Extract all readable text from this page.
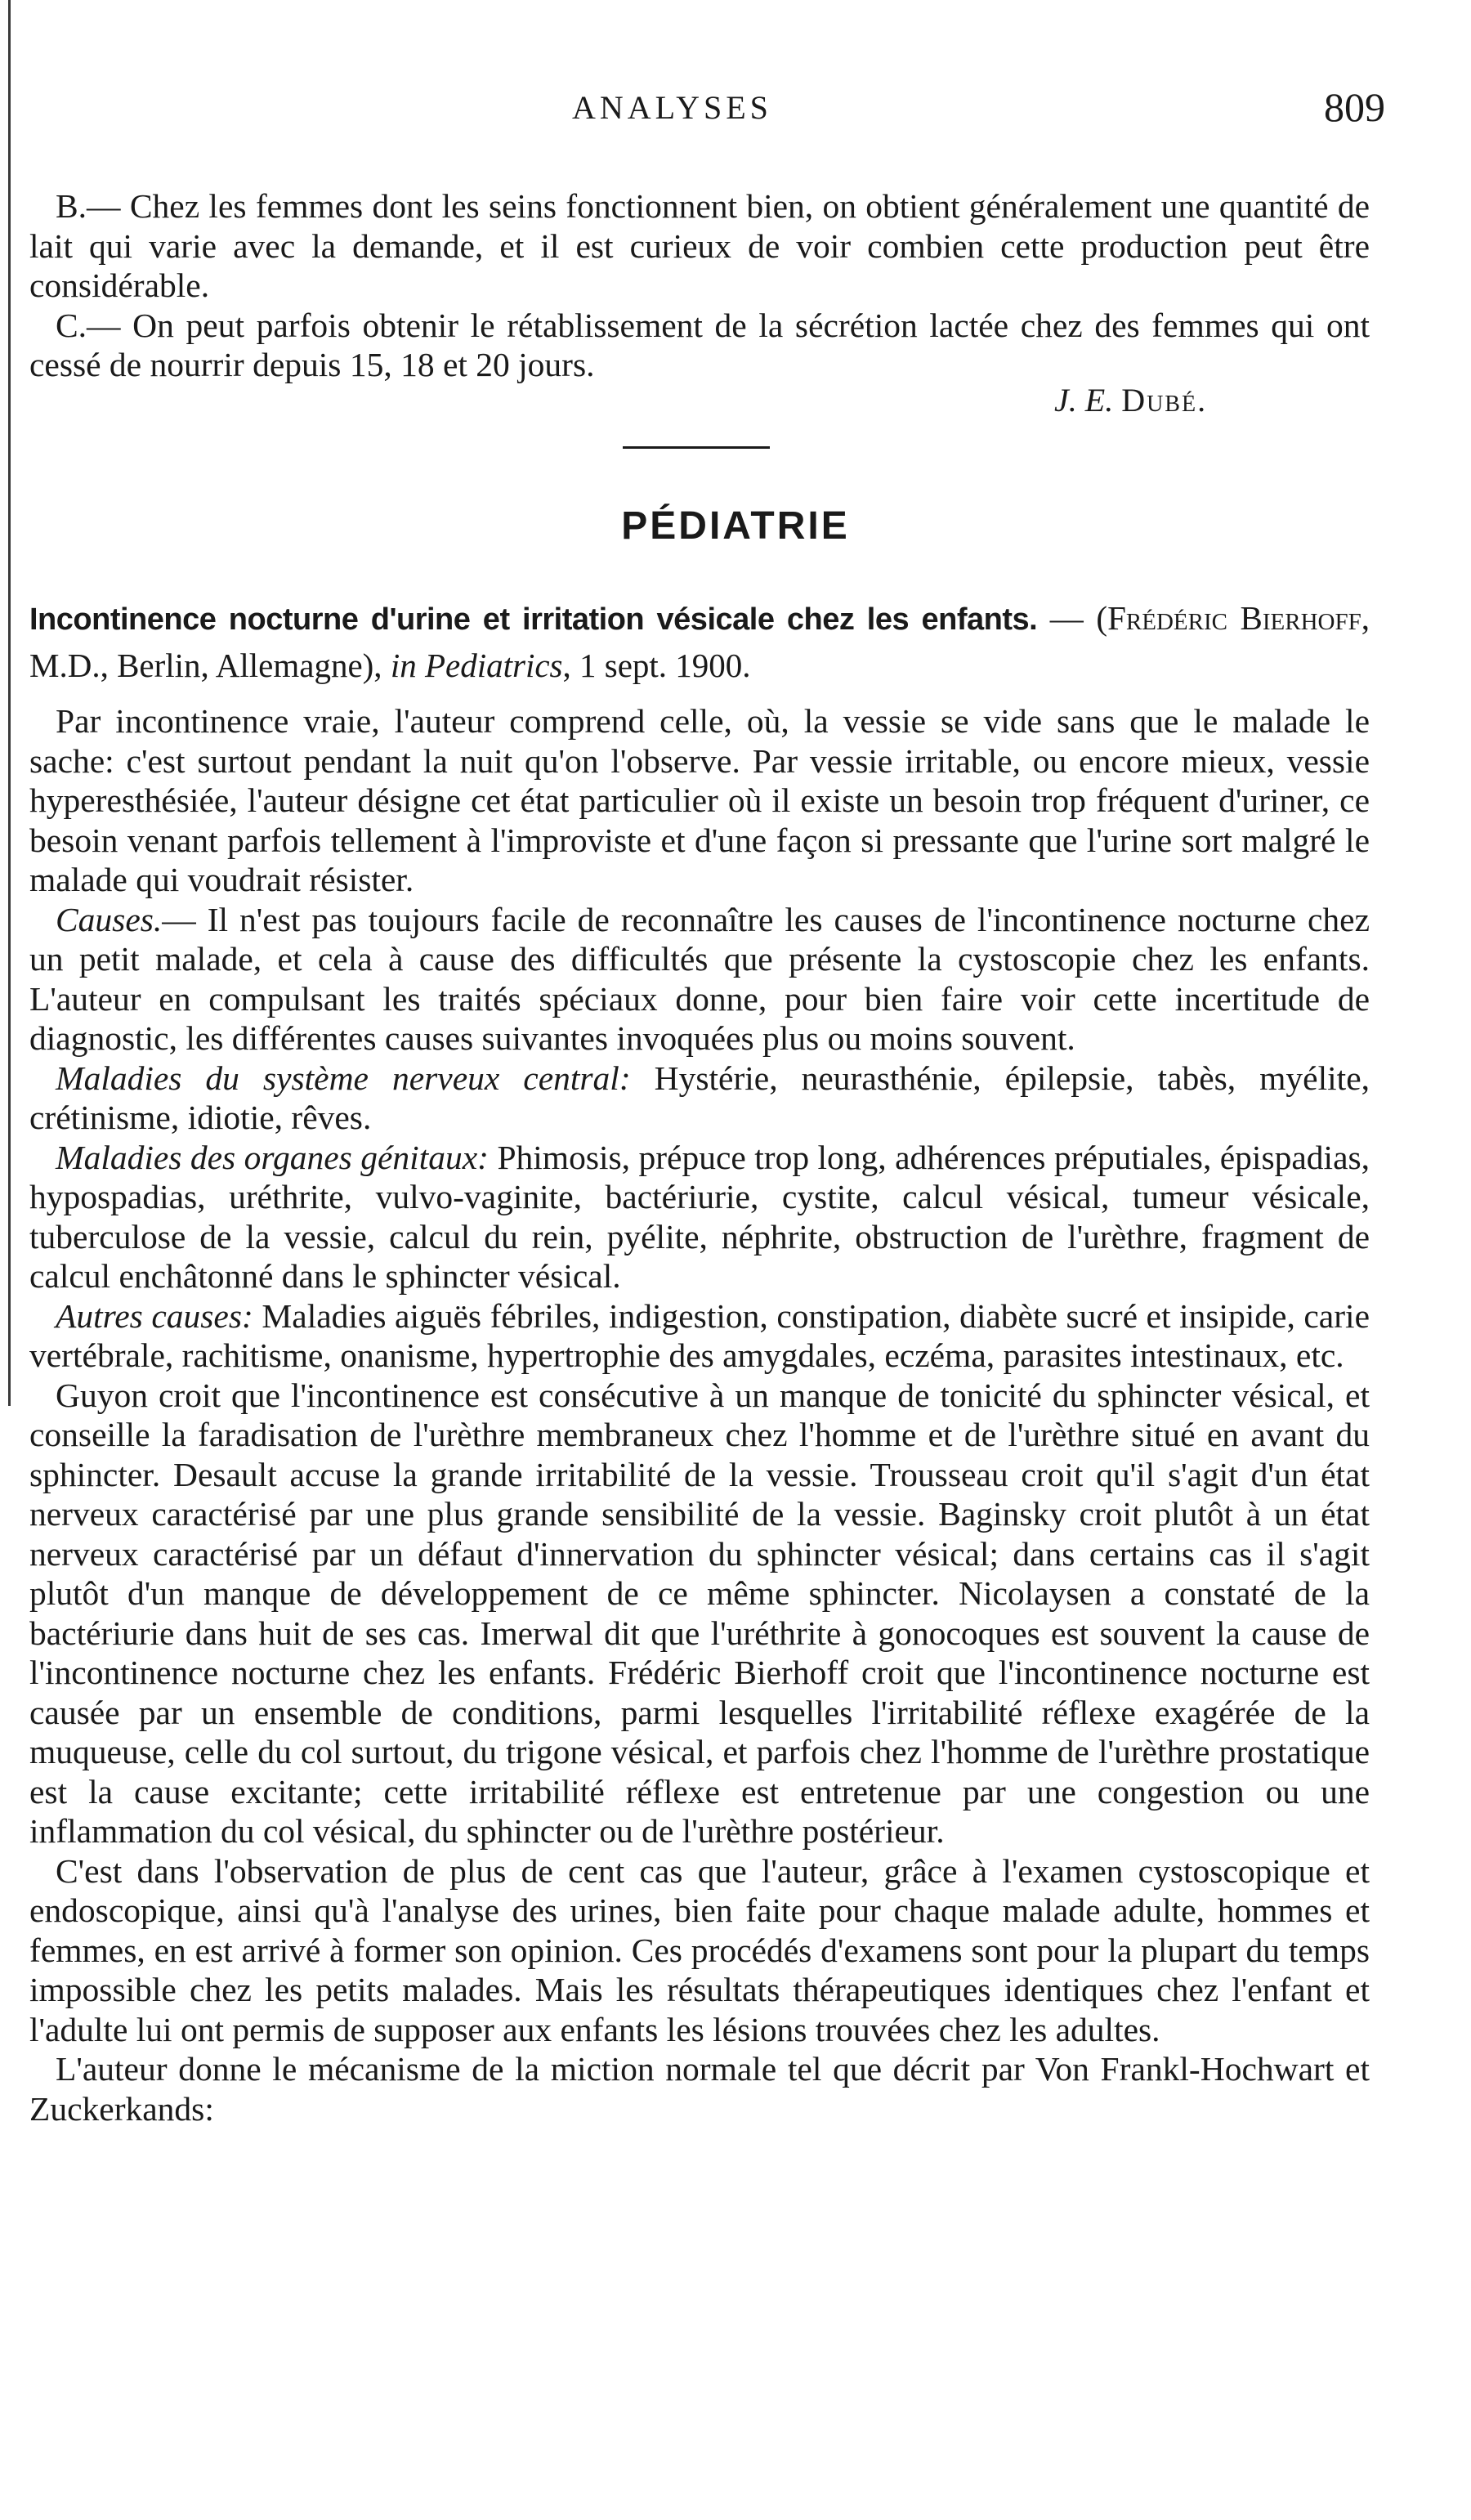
ANALYSES	809

B.— Chez les femmes dont les seins fonctionnent bien, on obtient généralement une quantité de lait qui varie avec la demande, et il est curieux de voir combien cette production peut être considérable.

C.— On peut parfois obtenir le rétablissement de la sécrétion lactée chez des femmes qui ont cessé de nourrir depuis 15, 18 et 20 jours.

J. E. Dubé.
PÉDIATRIE
Incontinence nocturne d'urine et irritation vésicale chez les enfants. — (Frédéric Bierhoff, M.D., Berlin, Allemagne), in Pediatrics, 1 sept. 1900.

Par incontinence vraie, l'auteur comprend celle, où, la vessie se vide sans que le malade le sache: c'est surtout pendant la nuit qu'on l'observe. Par vessie irritable, ou encore mieux, vessie hyperesthésiée, l'auteur désigne cet état particulier où il existe un besoin trop fréquent d'uriner, ce besoin venant parfois tellement à l'improviste et d'une façon si pressante que l'urine sort malgré le malade qui voudrait résister.

Causes.— Il n'est pas toujours facile de reconnaître les causes de l'incontinence nocturne chez un petit malade, et cela à cause des difficultés que présente la cystoscopie chez les enfants. L'auteur en compulsant les traités spéciaux donne, pour bien faire voir cette incertitude de diagnostic, les différentes causes suivantes invoquées plus ou moins souvent.

Maladies du système nerveux central: Hystérie, neurasthénie, épilepsie, tabès, myélite, crétinisme, idiotie, rêves.

Maladies des organes génitaux: Phimosis, prépuce trop long, adhérences préputiales, épispadias, hypospadias, uréthrite, vulvo-vaginite, bactériurie, cystite, calcul vésical, tumeur vésicale, tuberculose de la vessie, calcul du rein, pyélite, néphrite, obstruction de l'urèthre, fragment de calcul enchâtonné dans le sphincter vésical.

Autres causes: Maladies aiguës fébriles, indigestion, constipation, diabète sucré et insipide, carie vertébrale, rachitisme, onanisme, hypertrophie des amygdales, eczéma, parasites intestinaux, etc.

Guyon croit que l'incontinence est consécutive à un manque de tonicité du sphincter vésical, et conseille la faradisation de l'urèthre membraneux chez l'homme et de l'urèthre situé en avant du sphincter. Desault accuse la grande irritabilité de la vessie. Trousseau croit qu'il s'agit d'un état nerveux caractérisé par une plus grande sensibilité de la vessie. Baginsky croit plutôt à un état nerveux caractérisé par un défaut d'innervation du sphincter vésical; dans certains cas il s'agit plutôt d'un manque de développement de ce même sphincter. Nicolaysen a constaté de la bactériurie dans huit de ses cas. Imerwal dit que l'uréthrite à gonocoques est souvent la cause de l'incontinence nocturne chez les enfants. Frédéric Bierhoff croit que l'incontinence nocturne est causée par un ensemble de conditions, parmi lesquelles l'irritabilité réflexe exagérée de la muqueuse, celle du col surtout, du trigone vésical, et parfois chez l'homme de l'urèthre prostatique est la cause excitante; cette irritabilité réflexe est entretenue par une congestion ou une inflammation du col vésical, du sphincter ou de l'urèthre postérieur.

C'est dans l'observation de plus de cent cas que l'auteur, grâce à l'examen cystoscopique et endoscopique, ainsi qu'à l'analyse des urines, bien faite pour chaque malade adulte, hommes et femmes, en est arrivé à former son opinion. Ces procédés d'examens sont pour la plupart du temps impossible chez les petits malades. Mais les résultats thérapeutiques identiques chez l'enfant et l'adulte lui ont permis de supposer aux enfants les lésions trouvées chez les adultes.

L'auteur donne le mécanisme de la miction normale tel que décrit par Von Frankl-Hochwart et Zuckerkands:
